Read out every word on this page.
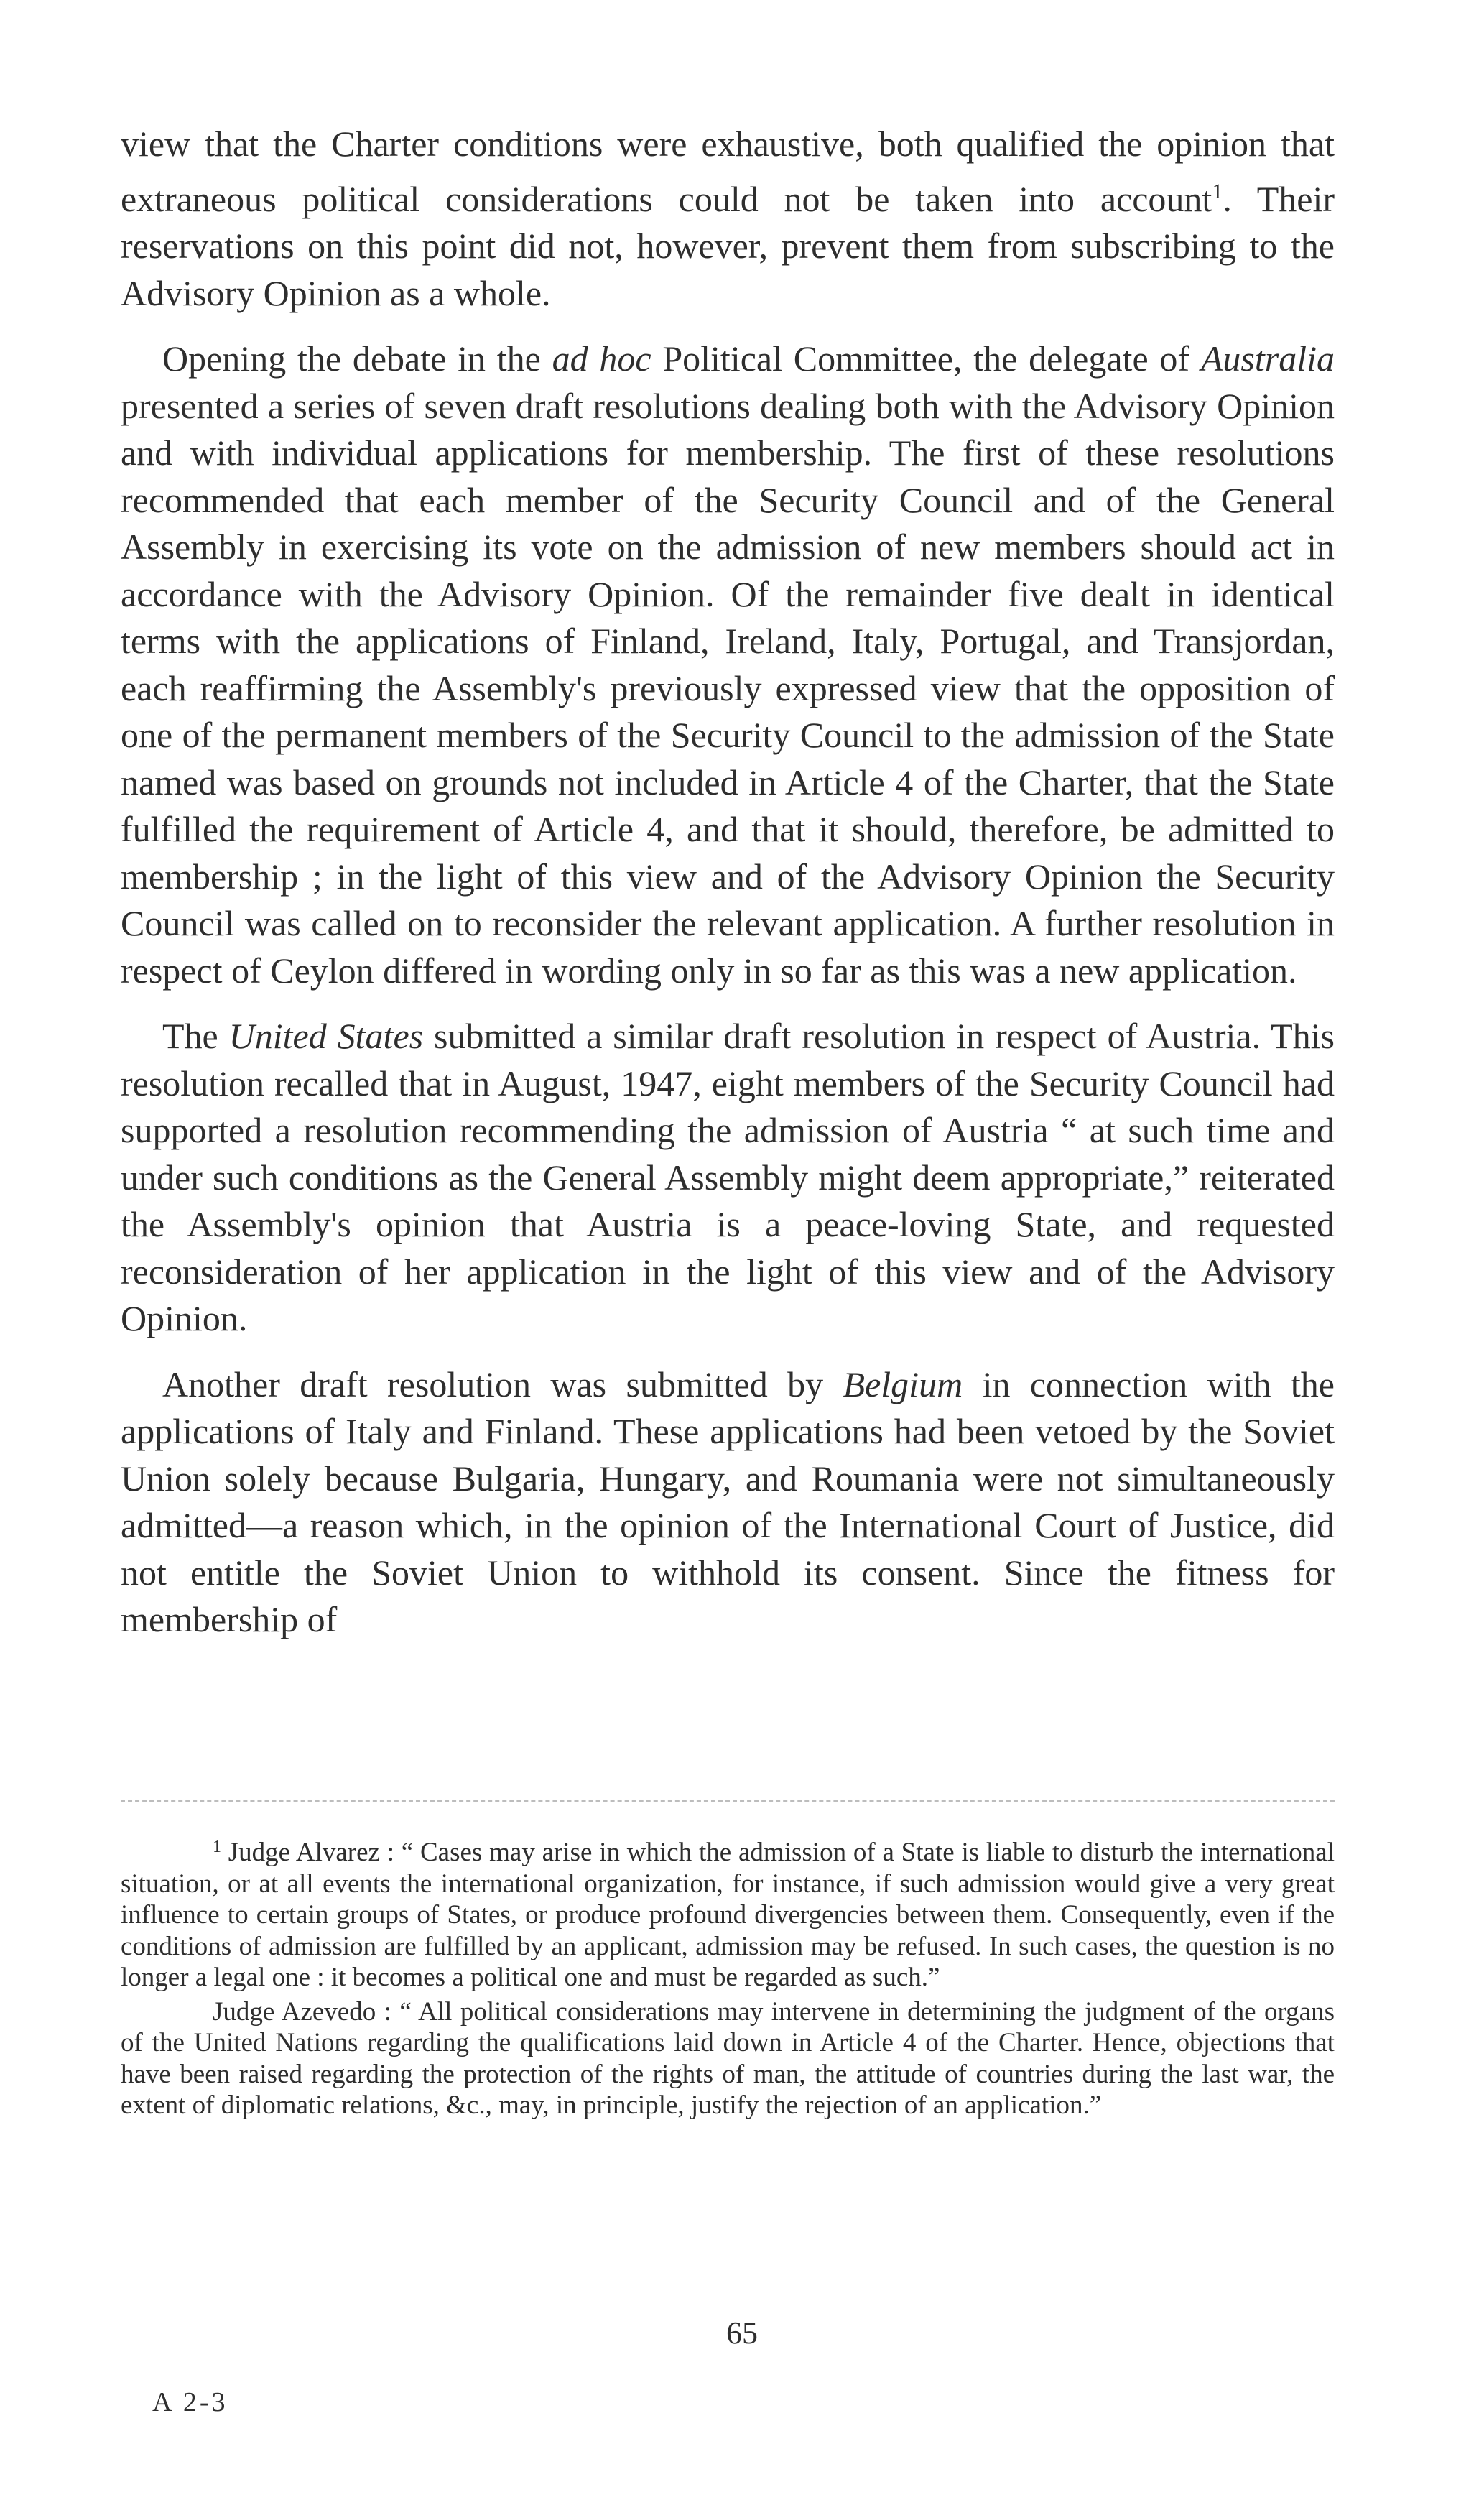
view that the Charter conditions were exhaustive, both qualified the opinion that extraneous political considerations could not be taken into account$^1$. Their reservations on this point did not, however, prevent them from subscribing to the Advisory Opinion as a whole.

Opening the debate in the ad hoc Political Committee, the delegate of Australia presented a series of seven draft resolutions dealing both with the Advisory Opinion and with individual applications for membership. The first of these resolutions recommended that each member of the Security Council and of the General Assembly in exercising its vote on the admission of new members should act in accordance with the Advisory Opinion. Of the remainder five dealt in identical terms with the applications of Finland, Ireland, Italy, Portugal, and Transjordan, each reaffirming the Assembly's previously expressed view that the opposition of one of the permanent members of the Security Council to the admission of the State named was based on grounds not included in Article 4 of the Charter, that the State fulfilled the requirement of Article 4, and that it should, therefore, be admitted to membership ; in the light of this view and of the Advisory Opinion the Security Council was called on to reconsider the relevant application. A further resolution in respect of Ceylon differed in wording only in so far as this was a new application.

The United States submitted a similar draft resolution in respect of Austria. This resolution recalled that in August, 1947, eight members of the Security Council had supported a resolution recommending the admission of Austria “ at such time and under such conditions as the General Assembly might deem appropriate,” reiterated the Assembly's opinion that Austria is a peace-loving State, and requested reconsideration of her application in the light of this view and of the Advisory Opinion.

Another draft resolution was submitted by Belgium in connection with the applications of Italy and Finland. These applications had been vetoed by the Soviet Union solely because Bulgaria, Hungary, and Roumania were not simultaneously admitted—a reason which, in the opinion of the International Court of Justice, did not entitle the Soviet Union to withhold its consent. Since the fitness for membership of

$^1$ Judge Alvarez : “ Cases may arise in which the admission of a State is liable to disturb the international situation, or at all events the international organization, for instance, if such admission would give a very great influence to certain groups of States, or produce profound divergencies between them. Consequently, even if the conditions of admission are fulfilled by an applicant, admission may be refused. In such cases, the question is no longer a legal one : it becomes a political one and must be regarded as such.”

Judge Azevedo : “ All political considerations may intervene in determining the judgment of the organs of the United Nations regarding the qualifications laid down in Article 4 of the Charter. Hence, objections that have been raised regarding the protection of the rights of man, the attitude of countries during the last war, the extent of diplomatic relations, &c., may, in principle, justify the rejection of an application.”

65
A 2-3
